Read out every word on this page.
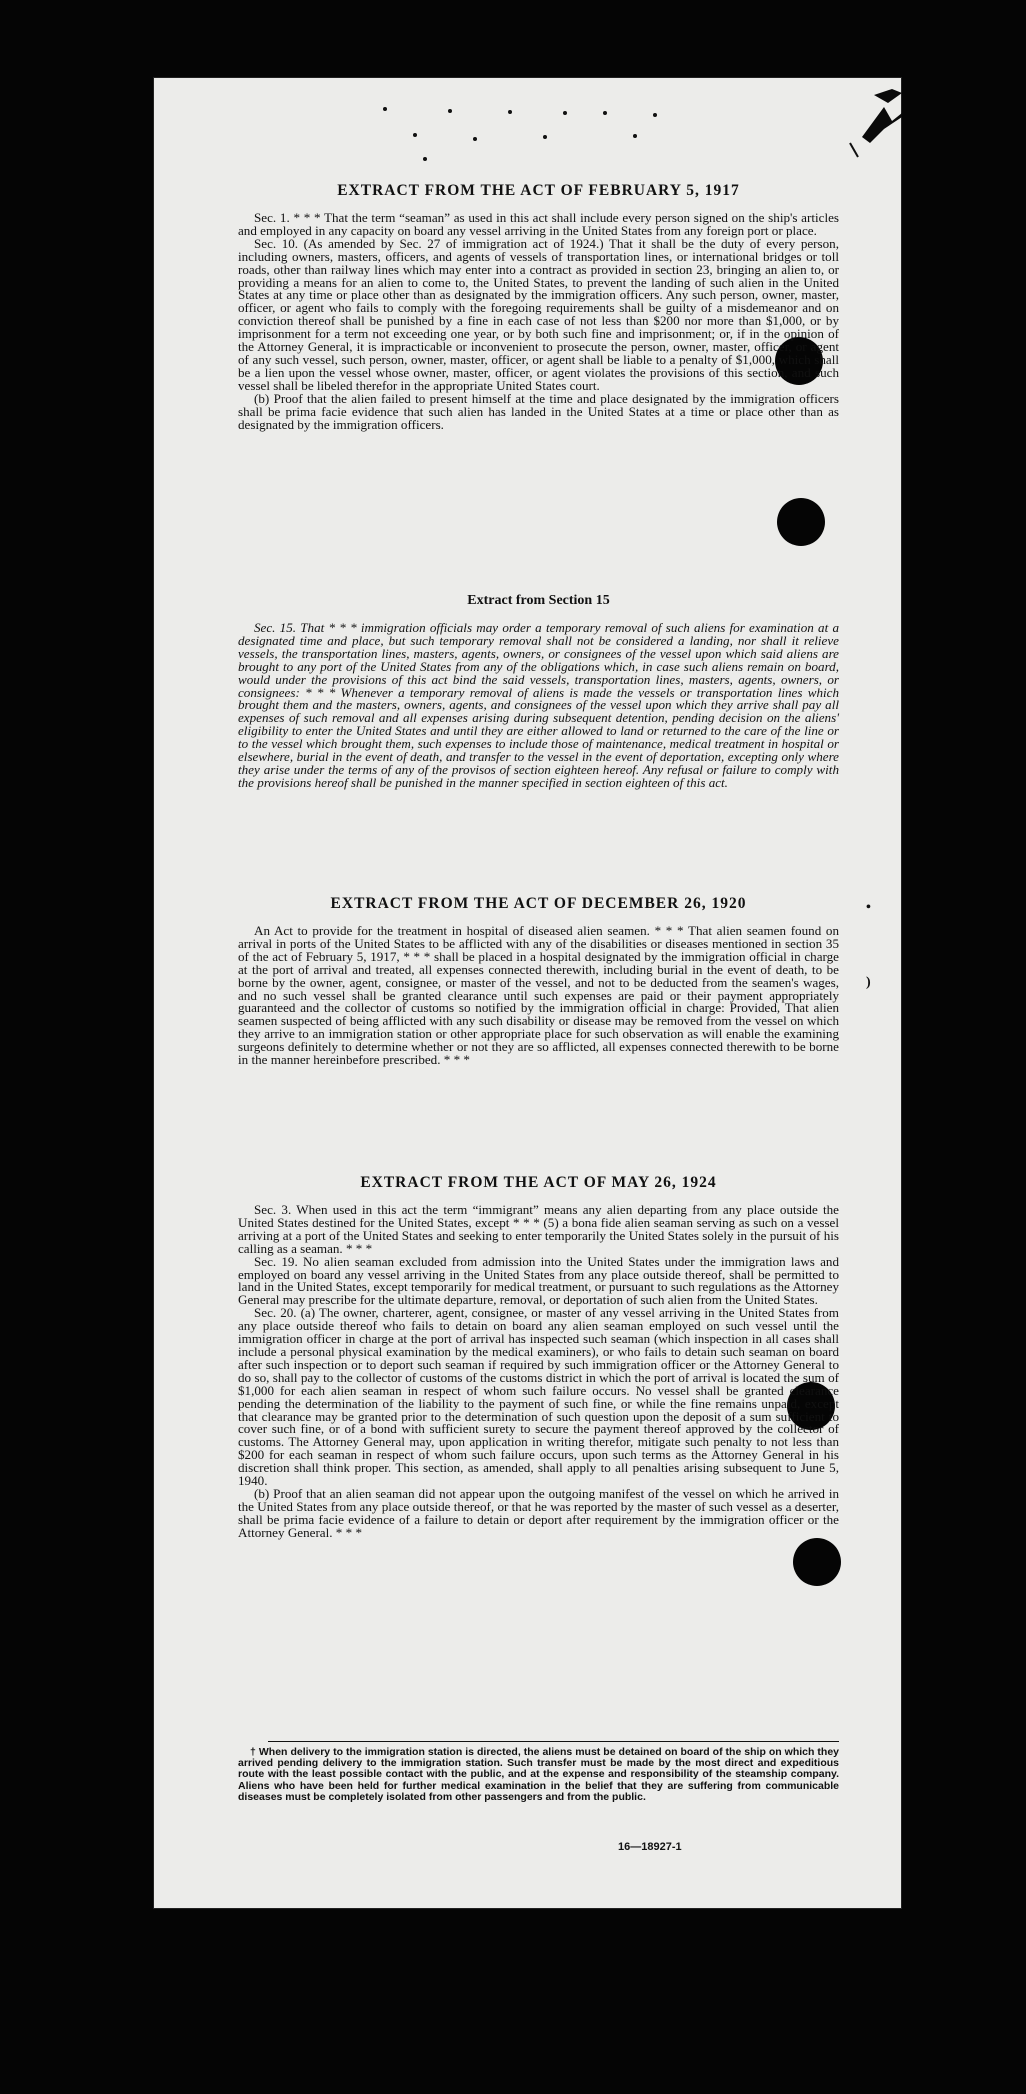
•
)
EXTRACT FROM THE ACT OF FEBRUARY 5, 1917

Sec. 1. * * * That the term “seaman” as used in this act shall include every person signed on the ship's articles and employed in any capacity on board any vessel arriving in the United States from any foreign port or place.

Sec. 10. (As amended by Sec. 27 of immigration act of 1924.) That it shall be the duty of every person, including owners, masters, officers, and agents of vessels of transportation lines, or international bridges or toll roads, other than railway lines which may enter into a contract as provided in section 23, bringing an alien to, or providing a means for an alien to come to, the United States, to prevent the landing of such alien in the United States at any time or place other than as designated by the immigration officers. Any such person, owner, master, officer, or agent who fails to comply with the foregoing requirements shall be guilty of a misdemeanor and on conviction thereof shall be punished by a fine in each case of not less than $200 nor more than $1,000, or by imprisonment for a term not exceeding one year, or by both such fine and imprisonment; or, if in the opinion of the Attorney General, it is impracticable or inconvenient to prosecute the person, owner, master, officer, or agent of any such vessel, such person, owner, master, officer, or agent shall be liable to a penalty of $1,000, which shall be a lien upon the vessel whose owner, master, officer, or agent violates the provisions of this section, and such vessel shall be libeled therefor in the appropriate United States court.

(b) Proof that the alien failed to present himself at the time and place designated by the immigration officers shall be prima facie evidence that such alien has landed in the United States at a time or place other than as designated by the immigration officers.

Extract from Section 15

Sec. 15. That * * * immigration officials may order a temporary removal of such aliens for examination at a designated time and place, but such temporary removal shall not be considered a landing, nor shall it relieve vessels, the transportation lines, masters, agents, owners, or consignees of the vessel upon which said aliens are brought to any port of the United States from any of the obligations which, in case such aliens remain on board, would under the provisions of this act bind the said vessels, transportation lines, masters, agents, owners, or consignees: * * * Whenever a temporary removal of aliens is made the vessels or transportation lines which brought them and the masters, owners, agents, and consignees of the vessel upon which they arrive shall pay all expenses of such removal and all expenses arising during subsequent detention, pending decision on the aliens' eligibility to enter the United States and until they are either allowed to land or returned to the care of the line or to the vessel which brought them, such expenses to include those of maintenance, medical treatment in hospital or elsewhere, burial in the event of death, and transfer to the vessel in the event of deportation, excepting only where they arise under the terms of any of the provisos of section eighteen hereof. Any refusal or failure to comply with the provisions hereof shall be punished in the manner specified in section eighteen of this act.

EXTRACT FROM THE ACT OF DECEMBER 26, 1920

An Act to provide for the treatment in hospital of diseased alien seamen. * * * That alien seamen found on arrival in ports of the United States to be afflicted with any of the disabilities or diseases mentioned in section 35 of the act of February 5, 1917, * * * shall be placed in a hospital designated by the immigration official in charge at the port of arrival and treated, all expenses connected therewith, including burial in the event of death, to be borne by the owner, agent, consignee, or master of the vessel, and not to be deducted from the seamen's wages, and no such vessel shall be granted clearance until such expenses are paid or their payment appropriately guaranteed and the collector of customs so notified by the immigration official in charge: Provided, That alien seamen suspected of being afflicted with any such disability or disease may be removed from the vessel on which they arrive to an immigration station or other appropriate place for such observation as will enable the examining surgeons definitely to determine whether or not they are so afflicted, all expenses connected therewith to be borne in the manner hereinbefore prescribed. * * *

EXTRACT FROM THE ACT OF MAY 26, 1924

Sec. 3. When used in this act the term “immigrant” means any alien departing from any place outside the United States destined for the United States, except * * * (5) a bona fide alien seaman serving as such on a vessel arriving at a port of the United States and seeking to enter temporarily the United States solely in the pursuit of his calling as a seaman. * * *

Sec. 19. No alien seaman excluded from admission into the United States under the immigration laws and employed on board any vessel arriving in the United States from any place outside thereof, shall be permitted to land in the United States, except temporarily for medical treatment, or pursuant to such regulations as the Attorney General may prescribe for the ultimate departure, removal, or deportation of such alien from the United States.

Sec. 20. (a) The owner, charterer, agent, consignee, or master of any vessel arriving in the United States from any place outside thereof who fails to detain on board any alien seaman employed on such vessel until the immigration officer in charge at the port of arrival has inspected such seaman (which inspection in all cases shall include a personal physical examination by the medical examiners), or who fails to detain such seaman on board after such inspection or to deport such seaman if required by such immigration officer or the Attorney General to do so, shall pay to the collector of customs of the customs district in which the port of arrival is located the sum of $1,000 for each alien seaman in respect of whom such failure occurs. No vessel shall be granted clearance pending the determination of the liability to the payment of such fine, or while the fine remains unpaid, except that clearance may be granted prior to the determination of such question upon the deposit of a sum sufficient to cover such fine, or of a bond with sufficient surety to secure the payment thereof approved by the collector of customs. The Attorney General may, upon application in writing therefor, mitigate such penalty to not less than $200 for each seaman in respect of whom such failure occurs, upon such terms as the Attorney General in his discretion shall think proper. This section, as amended, shall apply to all penalties arising subsequent to June 5, 1940.

(b) Proof that an alien seaman did not appear upon the outgoing manifest of the vessel on which he arrived in the United States from any place outside thereof, or that he was reported by the master of such vessel as a deserter, shall be prima facie evidence of a failure to detain or deport after requirement by the immigration officer or the Attorney General. * * *

† When delivery to the immigration station is directed, the aliens must be detained on board of the ship on which they arrived pending delivery to the immigration station. Such transfer must be made by the most direct and expeditious route with the least possible contact with the public, and at the expense and responsibility of the steamship company. Aliens who have been held for further medical examination in the belief that they are suffering from communicable diseases must be completely isolated from other passengers and from the public.

16—18927-1
